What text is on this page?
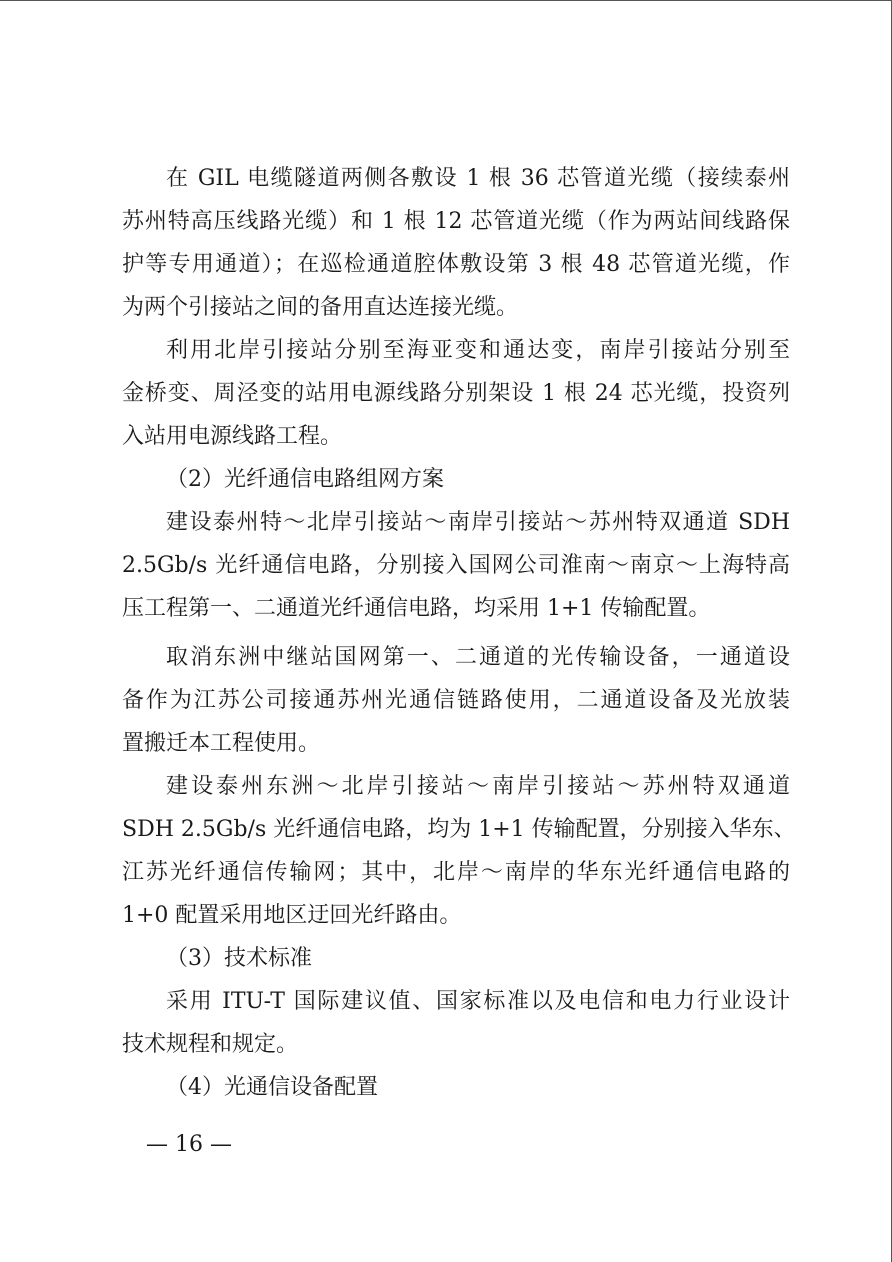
在 GIL 电缆隧道两侧各敷设 1 根 36 芯管道光缆（接续泰州
苏州特高压线路光缆）和 1 根 12 芯管道光缆（作为两站间线路保
护等专用通道）；在巡检通道腔体敷设第 3 根 48 芯管道光缆，作
为两个引接站之间的备用直达连接光缆。
利用北岸引接站分别至海亚变和通达变，南岸引接站分别至
金桥变、周泾变的站用电源线路分别架设 1 根 24 芯光缆，投资列
入站用电源线路工程。
（2）光纤通信电路组网方案
建设泰州特～北岸引接站～南岸引接站～苏州特双通道 SDH
2.5Gb/s 光纤通信电路，分别接入国网公司淮南～南京～上海特高
压工程第一、二通道光纤通信电路，均采用 1+1 传输配置。
取消东洲中继站国网第一、二通道的光传输设备，一通道设
备作为江苏公司接通苏州光通信链路使用，二通道设备及光放装
置搬迁本工程使用。
建设泰州东洲～北岸引接站～南岸引接站～苏州特双通道
SDH 2.5Gb/s 光纤通信电路，均为 1+1 传输配置，分别接入华东、
江苏光纤通信传输网；其中，北岸～南岸的华东光纤通信电路的
1+0 配置采用地区迂回光纤路由。
（3）技术标准
采用 ITU-T 国际建议值、国家标准以及电信和电力行业设计
技术规程和规定。
（4）光通信设备配置
— 16 —
